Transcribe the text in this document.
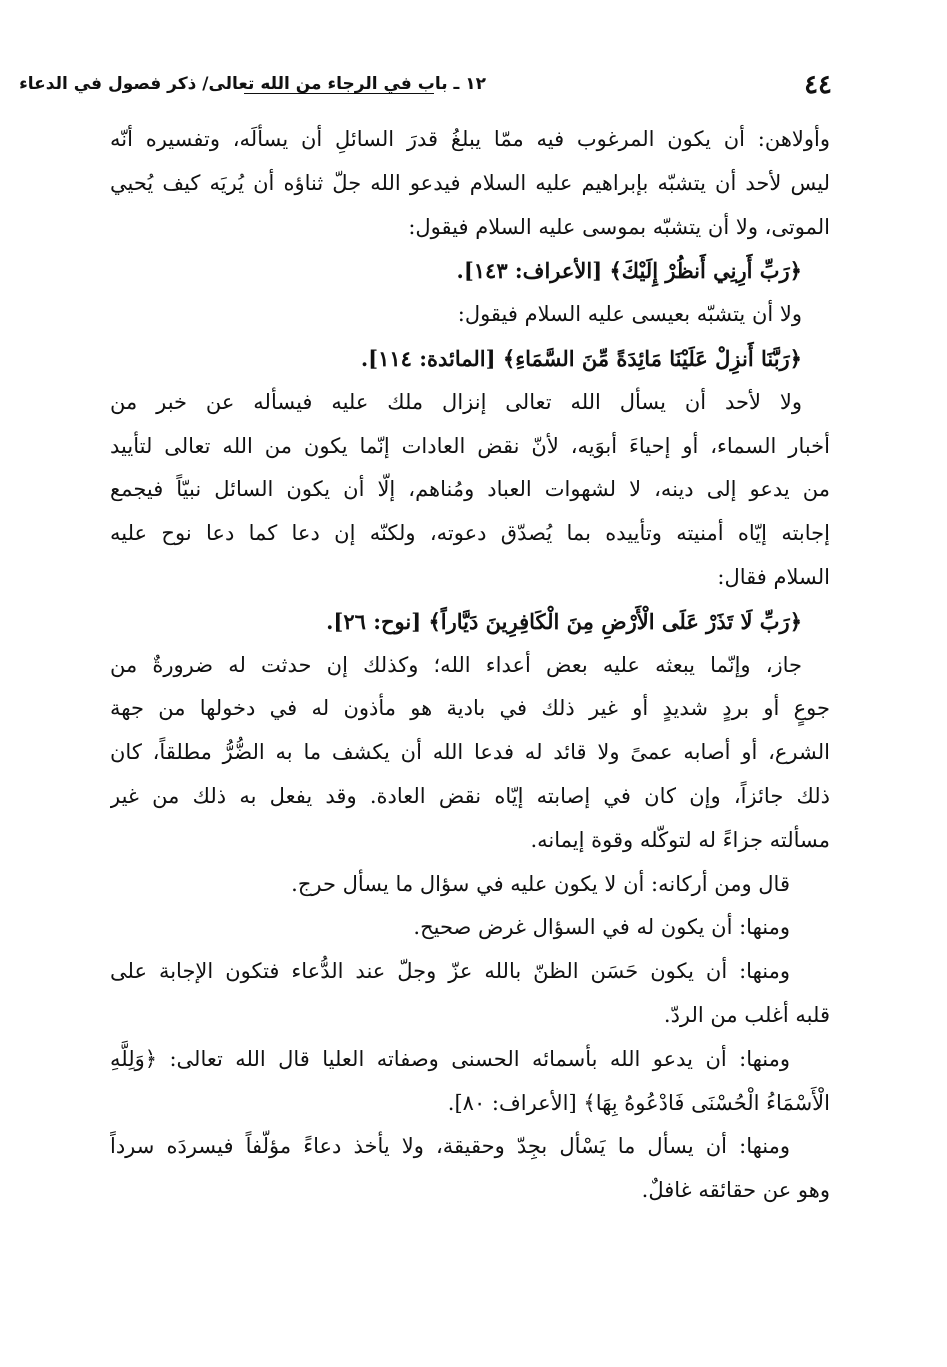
٤٤
١٢ ـ باب في الرجاء من الله تعالى/ ذكر فصول في الدعاء
وأولاهن: أن يكون المرغوب فيه ممّا يبلغُ قدرَ السائلِ أن يسألَه، وتفسيره أنّه
ليس لأحد أن يتشبّه بإبراهيم عليه السلام فيدعو الله جلّ ثناؤه أن يُريَه كيف يُحيي
الموتى، ولا أن يتشبّه بموسى عليه السلام فيقول:
﴿رَبِّ أَرِنِي أَنظُرْ إِلَيْكَ﴾ [الأعراف: ١٤٣].
ولا أن يتشبّه بعيسى عليه السلام فيقول:
﴿رَبَّنَا أَنزِلْ عَلَيْنَا مَائِدَةً مِّنَ السَّمَاءِ﴾ [المائدة: ١١٤].
ولا لأحد أن يسأل الله تعالى إنزال ملك عليه فيسأله عن خبر من
أخبار السماء، أو إحياءَ أبوَيه، لأنّ نقض العادات إنّما يكون من الله تعالى لتأييد
من يدعو إلى دينه، لا لشهوات العباد ومُناهم، إلّا أن يكون السائل نبيّاً فيجمع
إجابته إيّاه أمنيته وتأييده بما يُصدّق دعوته، ولكنّه إن دعا كما دعا نوح عليه
السلام فقال:
﴿رَبِّ لَا تَذَرْ عَلَى الْأَرْضِ مِنَ الْكَافِرِينَ دَيَّاراً﴾ [نوح: ٢٦].
جاز، وإنّما يبعثه عليه بعض أعداء الله؛ وكذلك إن حدثت له ضرورةٌ من
جوعٍ أو بردٍ شديدٍ أو غير ذلك في بادية هو مأذون له في دخولها من جهة
الشرع، أو أصابه عمىً ولا قائد له فدعا الله أن يكشف ما به الضُّرُّ مطلقاً، كان
ذلك جائزاً، وإن كان في إصابته إيّاه نقض العادة. وقد يفعل به ذلك من غير
مسألته جزاءً له لتوكّله وقوة إيمانه.
قال ومن أركانه: أن لا يكون عليه في سؤال ما يسأل حرج.
ومنها: أن يكون له في السؤال غرض صحيح.
ومنها: أن يكون حَسَن الظنّ بالله عزّ وجلّ عند الدُّعاء فتكون الإجابة على
قلبه أغلب من الردّ.
ومنها: أن يدعو الله بأسمائه الحسنى وصفاته العليا قال الله تعالى: ﴿وَلِلَّهِ
الْأَسْمَاءُ الْحُسْنَى فَادْعُوهُ بِهَا﴾ [الأعراف: ٨٠].
ومنها: أن يسأل ما يَسْأل بجِدّ وحقيقة، ولا يأخذ دعاءً مؤلّفاً فيسردَه سرداً
وهو عن حقائقه غافلٌ.
